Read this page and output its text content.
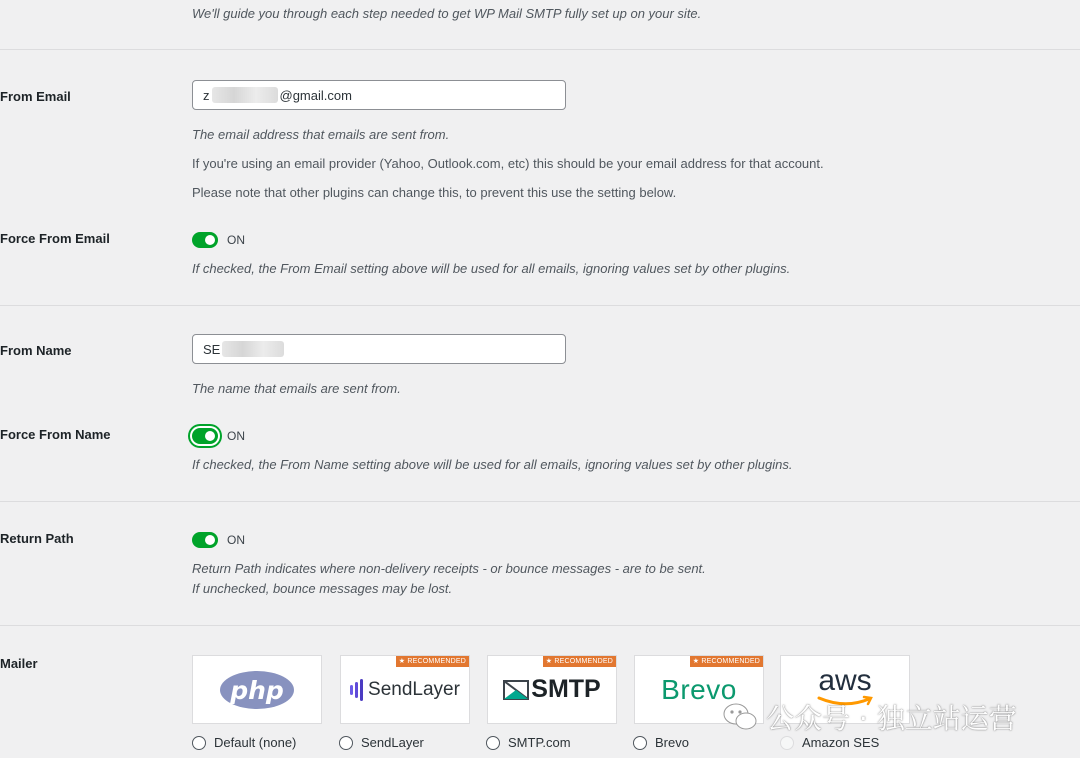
We'll guide you through each step needed to get WP Mail SMTP fully set up on your site.
From Email	z	@gmail.com
The email address that emails are sent from.
If you're using an email provider (Yahoo, Outlook.com, etc) this should be your email address for that account.
Please note that other plugins can change this, to prevent this use the setting below.
Force From Email	ON
If checked, the From Email setting above will be used for all emails, ignoring values set by other plugins.
From Name	SE
The name that emails are sent from.
Force From Name	ON
If checked, the From Name setting above will be used for all emails, ignoring values set by other plugins.
Return Path	ON
Return Path indicates where non-delivery receipts - or bounce messages - are to be sent.
If unchecked, bounce messages may be lost.
Mailer
php
★ RECOMMENDED
SendLayer
★ RECOMMENDED
SMTP
★ RECOMMENDED
Brevo	aws
Default (none)	SendLayer	SMTP.com	Brevo	Amazon SES
公众号 · 独立站运营
